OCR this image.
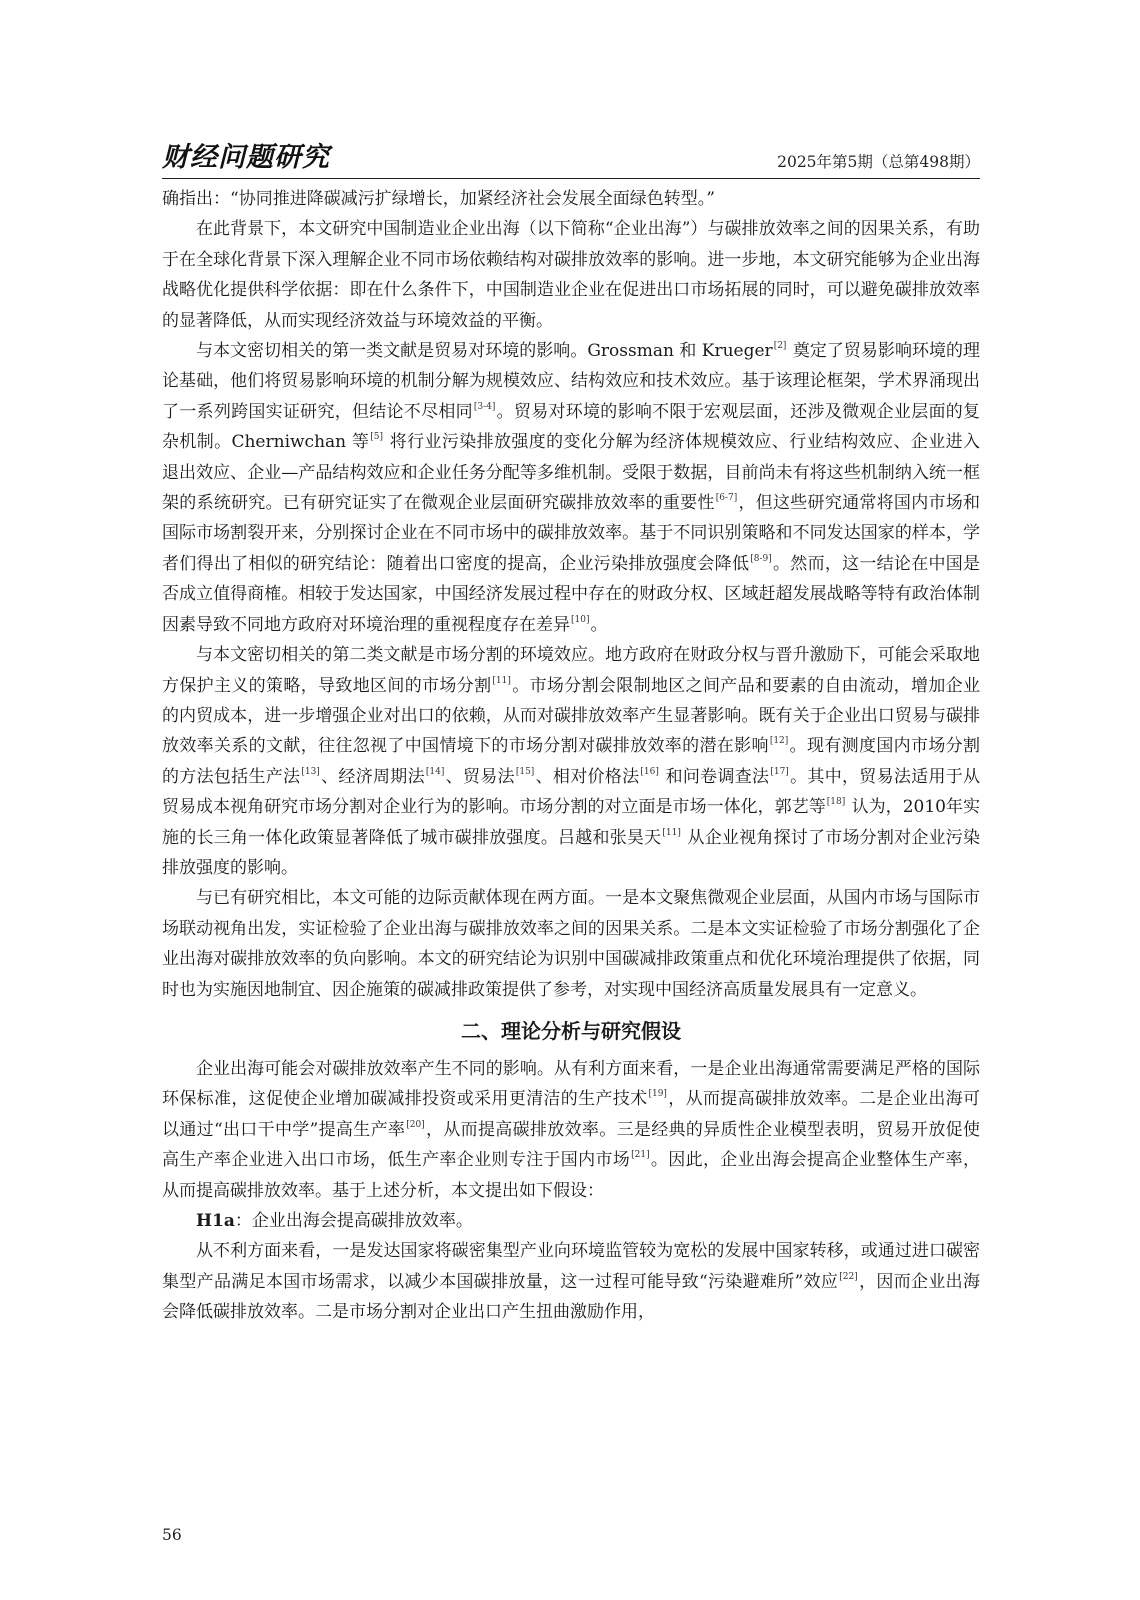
财经问题研究	2025年第5期（总第498期）

确指出：“协同推进降碳减污扩绿增长，加紧经济社会发展全面绿色转型。”

在此背景下，本文研究中国制造业企业出海（以下简称“企业出海”）与碳排放效率之间的因果关系，有助于在全球化背景下深入理解企业不同市场依赖结构对碳排放效率的影响。进一步地，本文研究能够为企业出海战略优化提供科学依据：即在什么条件下，中国制造业企业在促进出口市场拓展的同时，可以避免碳排放效率的显著降低，从而实现经济效益与环境效益的平衡。

与本文密切相关的第一类文献是贸易对环境的影响。Grossman 和 Krueger[2] 奠定了贸易影响环境的理论基础，他们将贸易影响环境的机制分解为规模效应、结构效应和技术效应。基于该理论框架，学术界涌现出了一系列跨国实证研究，但结论不尽相同[3-4]。贸易对环境的影响不限于宏观层面，还涉及微观企业层面的复杂机制。Cherniwchan 等[5] 将行业污染排放强度的变化分解为经济体规模效应、行业结构效应、企业进入退出效应、企业—产品结构效应和企业任务分配等多维机制。受限于数据，目前尚未有将这些机制纳入统一框架的系统研究。已有研究证实了在微观企业层面研究碳排放效率的重要性[6-7]，但这些研究通常将国内市场和国际市场割裂开来，分别探讨企业在不同市场中的碳排放效率。基于不同识别策略和不同发达国家的样本，学者们得出了相似的研究结论：随着出口密度的提高，企业污染排放强度会降低[8-9]。然而，这一结论在中国是否成立值得商榷。相较于发达国家，中国经济发展过程中存在的财政分权、区域赶超发展战略等特有政治体制因素导致不同地方政府对环境治理的重视程度存在差异[10]。

与本文密切相关的第二类文献是市场分割的环境效应。地方政府在财政分权与晋升激励下，可能会采取地方保护主义的策略，导致地区间的市场分割[11]。市场分割会限制地区之间产品和要素的自由流动，增加企业的内贸成本，进一步增强企业对出口的依赖，从而对碳排放效率产生显著影响。既有关于企业出口贸易与碳排放效率关系的文献，往往忽视了中国情境下的市场分割对碳排放效率的潜在影响[12]。现有测度国内市场分割的方法包括生产法[13]、经济周期法[14]、贸易法[15]、相对价格法[16] 和问卷调查法[17]。其中，贸易法适用于从贸易成本视角研究市场分割对企业行为的影响。市场分割的对立面是市场一体化，郭艺等[18] 认为，2010年实施的长三角一体化政策显著降低了城市碳排放强度。吕越和张昊天[11] 从企业视角探讨了市场分割对企业污染排放强度的影响。

与已有研究相比，本文可能的边际贡献体现在两方面。一是本文聚焦微观企业层面，从国内市场与国际市场联动视角出发，实证检验了企业出海与碳排放效率之间的因果关系。二是本文实证检验了市场分割强化了企业出海对碳排放效率的负向影响。本文的研究结论为识别中国碳减排政策重点和优化环境治理提供了依据，同时也为实施因地制宜、因企施策的碳减排政策提供了参考，对实现中国经济高质量发展具有一定意义。

二、理论分析与研究假设

企业出海可能会对碳排放效率产生不同的影响。从有利方面来看，一是企业出海通常需要满足严格的国际环保标准，这促使企业增加碳减排投资或采用更清洁的生产技术[19]，从而提高碳排放效率。二是企业出海可以通过“出口干中学”提高生产率[20]，从而提高碳排放效率。三是经典的异质性企业模型表明，贸易开放促使高生产率企业进入出口市场，低生产率企业则专注于国内市场[21]。因此，企业出海会提高企业整体生产率，从而提高碳排放效率。基于上述分析，本文提出如下假设：

H1a：企业出海会提高碳排放效率。

从不利方面来看，一是发达国家将碳密集型产业向环境监管较为宽松的发展中国家转移，或通过进口碳密集型产品满足本国市场需求，以减少本国碳排放量，这一过程可能导致“污染避难所”效应[22]，因而企业出海会降低碳排放效率。二是市场分割对企业出口产生扭曲激励作用，

56
